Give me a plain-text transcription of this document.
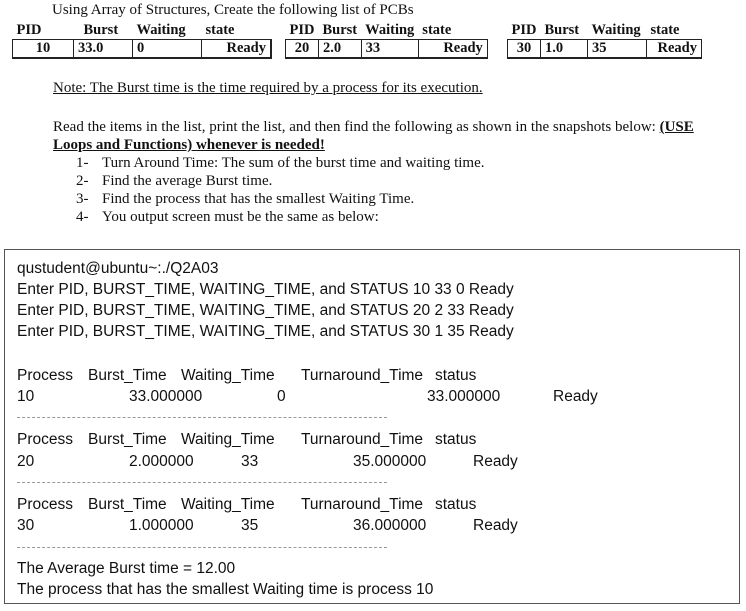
Using Array of Structures, Create the following list of PCBs
PID	Burst	Waiting	state
10	33.0	0	Ready
PID	Burst	Waiting	state
20	2.0	33	Ready
PID	Burst	Waiting	state
30	1.0	35	Ready
Note: The Burst time is the time required by a process for its execution.
Read the items in the list, print the list, and then find the following as shown in the snapshots below: (USE Loops and Functions) whenever is needed!
1- Turn Around Time: The sum of the burst time and waiting time.
2- Find the average Burst time.
3- Find the process that has the smallest Waiting Time.
4- You output screen must be the same as below:
qustudent@ubuntu~:./Q2A03
Enter PID, BURST_TIME, WAITING_TIME, and STATUS 10 33 0 Ready
Enter PID, BURST_TIME, WAITING_TIME, and STATUS 20 2 33 Ready
Enter PID, BURST_TIME, WAITING_TIME, and STATUS 30 1 35 Ready
Process Burst_Time Waiting_Time Turnaround_Time status
10	33.000000	0	33.000000	Ready
Process Burst_Time Waiting_Time Turnaround_Time status
20	2.000000	33	35.000000	Ready
Process Burst_Time Waiting_Time Turnaround_Time status
30	1.000000	35	36.000000	Ready
The Average Burst time = 12.00
The process that has the smallest Waiting time is process 10
